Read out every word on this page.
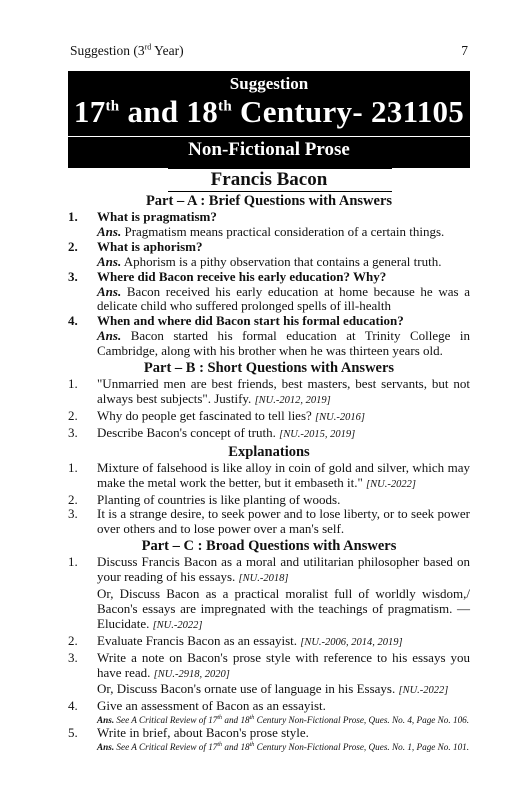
Suggestion (3rd Year)	7
Suggestion
17th and 18th Century- 231105
Non-Fictional Prose
Francis Bacon
Part – A : Brief Questions with Answers
1. What is pragmatism?
Ans. Pragmatism means practical consideration of a certain things.
2. What is aphorism?
Ans. Aphorism is a pithy observation that contains a general truth.
3. Where did Bacon receive his early education? Why?
Ans. Bacon received his early education at home because he was a delicate child who suffered prolonged spells of ill-health
4. When and where did Bacon start his formal education?
Ans. Bacon started his formal education at Trinity College in Cambridge, along with his brother when he was thirteen years old.
Part – B : Short Questions with Answers
1. "Unmarried men are best friends, best masters, best servants, but not always best subjects". Justify. [NU.-2012, 2019]
2. Why do people get fascinated to tell lies? [NU.-2016]
3. Describe Bacon's concept of truth. [NU.-2015, 2019]
Explanations
1. Mixture of falsehood is like alloy in coin of gold and silver, which may make the metal work the better, but it embaseth it." [NU.-2022]
2. Planting of countries is like planting of woods.
3. It is a strange desire, to seek power and to lose liberty, or to seek power over others and to lose power over a man's self.
Part – C : Broad Questions with Answers
1. Discuss Francis Bacon as a moral and utilitarian philosopher based on your reading of his essays. [NU.-2018]
Or, Discuss Bacon as a practical moralist full of worldly wisdom,/ Bacon's essays are impregnated with the teachings of pragmatism. — Elucidate. [NU.-2022]
2. Evaluate Francis Bacon as an essayist. [NU.-2006, 2014, 2019]
3. Write a note on Bacon's prose style with reference to his essays you have read. [NU.-2918, 2020]
Or, Discuss Bacon's ornate use of language in his Essays. [NU.-2022]
4. Give an assessment of Bacon as an essayist.
Ans. See A Critical Review of 17th and 18th Century Non-Fictional Prose, Ques. No. 4, Page No. 106.
5. Write in brief, about Bacon's prose style.
Ans. See A Critical Review of 17th and 18th Century Non-Fictional Prose, Ques. No. 1, Page No. 101.
